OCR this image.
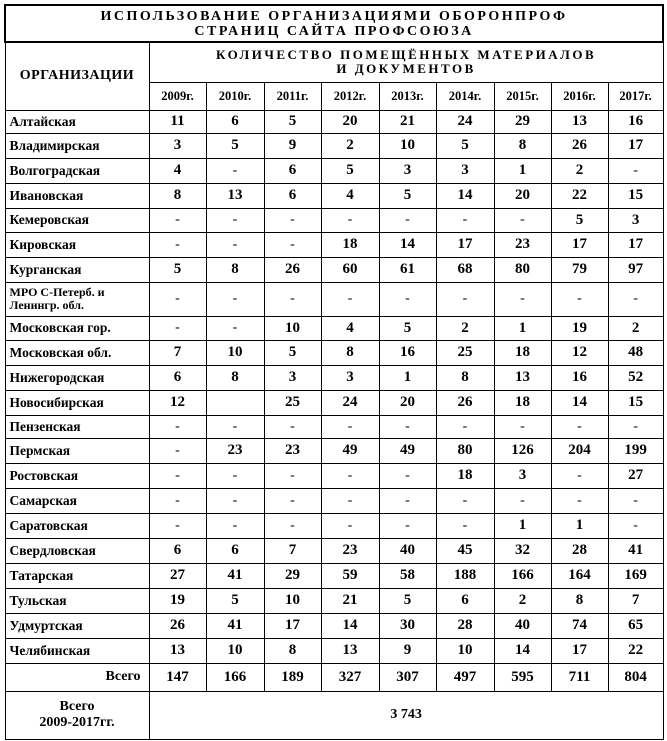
ИСПОЛЬЗОВАНИЕ ОРГАНИЗАЦИЯМИ ОБОРОНПРОФ
СТРАНИЦ САЙТА ПРОФСОЮЗА									

ОРГАНИЗАЦИИ	КОЛИЧЕСТВО ПОМЕЩЁННЫХ МАТЕРИАЛОВ
И ДОКУМЕНТОВ								

	2009г.	2010г.	2011г.	2012г.	2013г.	2014г.	2015г.	2016г.	2017г.
Алтайская	11	6	5	20	21	24	29	13	16
Владимирская	3	5	9	2	10	5	8	26	17
Волгоградская	4	-	6	5	3	3	1	2	-
Ивановская	8	13	6	4	5	14	20	22	15
Кемеровская	-	-	-	-	-	-	-	5	3
Кировская	-	-	-	18	14	17	23	17	17
Курганская	5	8	26	60	61	68	80	79	97
МРО С-Петерб. и Ленингр. обл.	-	-	-	-	-	-	-	-	-
Московская гор.	-	-	10	4	5	2	1	19	2
Московская обл.	7	10	5	8	16	25	18	12	48
Нижегородская	6	8	3	3	1	8	13	16	52
Новосибирская	12		25	24	20	26	18	14	15
Пензенская	-	-	-	-	-	-	-	-	-
Пермская	-	23	23	49	49	80	126	204	199
Ростовская	-	-	-	-	-	18	3	-	27
Самарская	-	-	-	-	-	-	-	-	-
Саратовская	-	-	-	-	-	-	1	1	-
Свердловская	6	6	7	23	40	45	32	28	41
Татарская	27	41	29	59	58	188	166	164	169
Тульская	19	5	10	21	5	6	2	8	7
Удмуртская	26	41	17	14	30	28	40	74	65
Челябинская	13	10	8	13	9	10	14	17	22
Всего	147	166	189	327	307	497	595	711	804

Всего
2009-2017гг.	3 743								
